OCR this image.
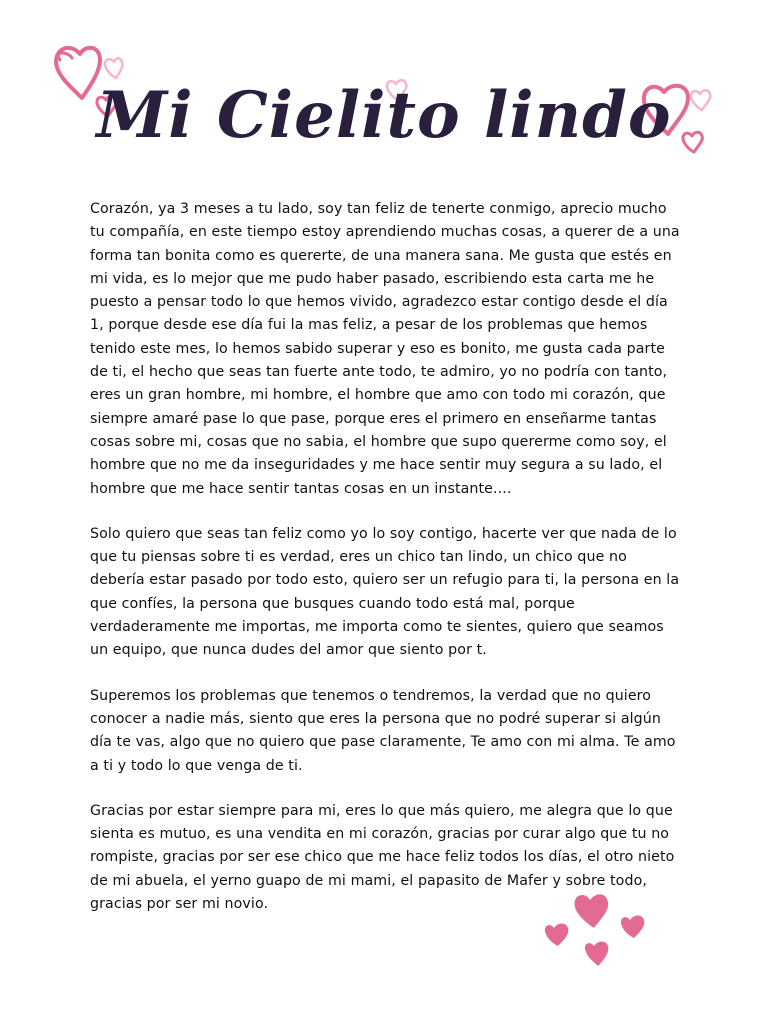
Mi Cielito lindo

Corazón, ya 3 meses a tu lado, soy tan feliz de tenerte conmigo, aprecio mucho tu compañía, en este tiempo estoy aprendiendo muchas cosas, a querer de a una forma tan bonita como es quererte, de una manera sana. Me gusta que estés en mi vida, es lo mejor que me pudo haber pasado, escribiendo esta carta me he puesto a pensar todo lo que hemos vivido, agradezco estar contigo desde el día 1, porque desde ese día fui la mas feliz, a pesar de los problemas que hemos tenido este mes, lo hemos sabido superar y eso es bonito, me gusta cada parte de ti, el hecho que seas tan fuerte ante todo, te admiro, yo no podría con tanto, eres un gran hombre, mi hombre, el hombre que amo con todo mi corazón, que siempre amaré pase lo que pase, porque eres el primero en enseñarme tantas cosas sobre mi, cosas que no sabia, el hombre que supo quererme como soy, el hombre que no me da inseguridades y me hace sentir muy segura a su lado, el hombre que me hace sentir tantas cosas en un instante....

Solo quiero que seas tan feliz como yo lo soy contigo, hacerte ver que nada de lo que tu piensas sobre ti es verdad, eres un chico tan lindo, un chico que no debería estar pasado por todo esto, quiero ser un refugio para ti, la persona en la que confíes, la persona que busques cuando todo está mal, porque verdaderamente me importas, me importa como te sientes, quiero que seamos un equipo, que nunca dudes del amor que siento por t.

Superemos los problemas que tenemos o tendremos, la verdad que no quiero conocer a nadie más, siento que eres la persona que no podré superar si algún día te vas, algo que no quiero que pase claramente, Te amo con mi alma. Te amo a ti y todo lo que venga de ti.

Gracias por estar siempre para mi, eres lo que más quiero, me alegra que lo que sienta es mutuo, es una vendita en mi corazón, gracias por curar algo que tu no rompiste, gracias por ser ese chico que me hace feliz todos los días, el otro nieto de mi abuela, el yerno guapo de mi mami, el papasito de Mafer y sobre todo, gracias por ser mi novio.
